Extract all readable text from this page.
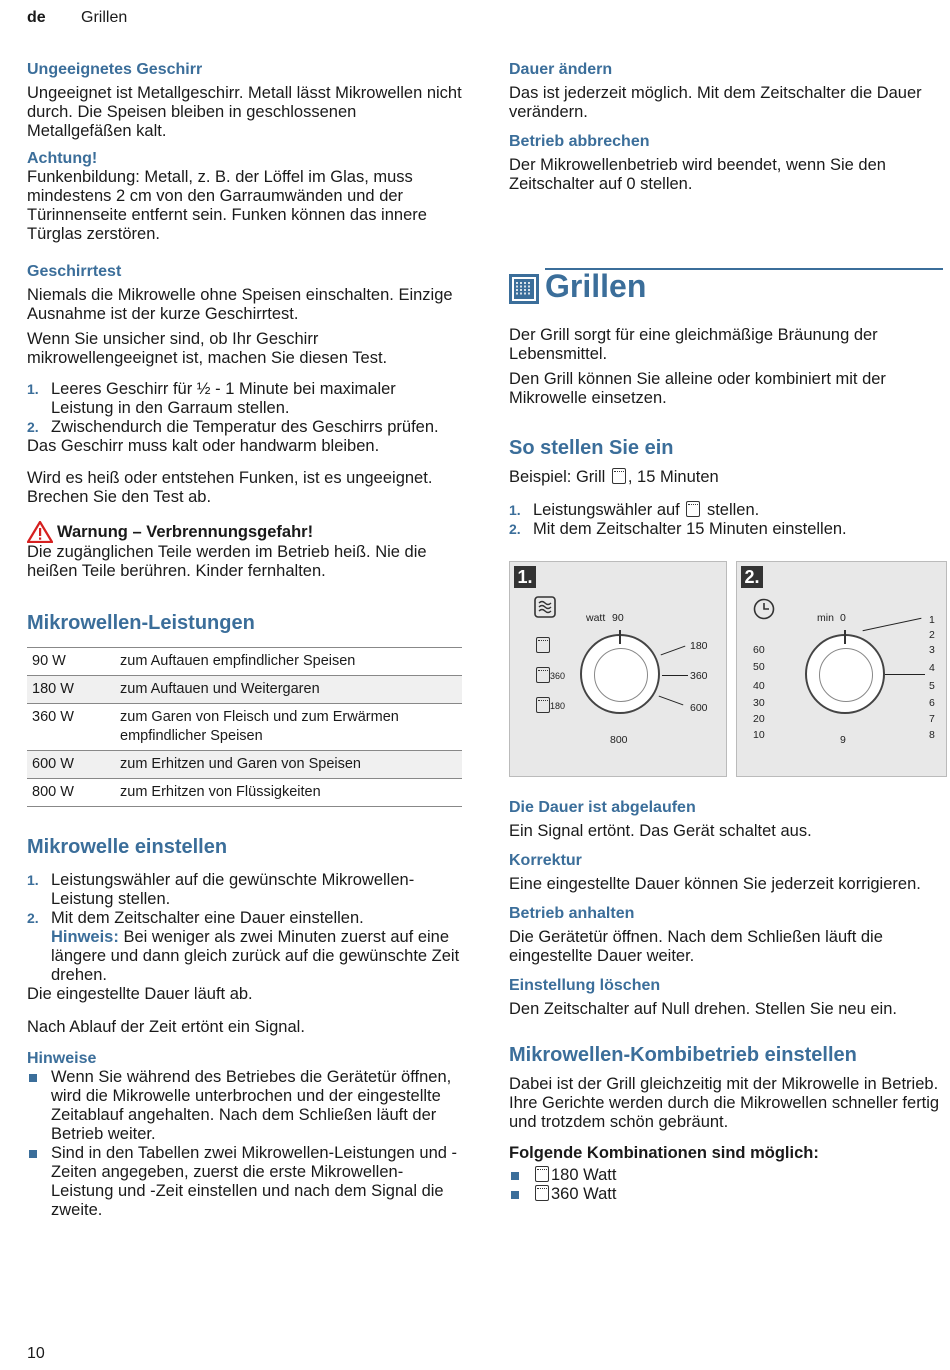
de Grillen
Ungeeignetes Geschirr

Ungeeignet ist Metallgeschirr. Metall lässt Mikrowellen nicht durch. Die Speisen bleiben in geschlossenen Metallgefäßen kalt.

Achtung!

Funkenbildung: Metall, z. B. der Löffel im Glas, muss mindestens 2 cm von den Garraumwänden und der Türinnenseite entfernt sein. Funken können das innere Türglas zerstören.

Geschirrtest

Niemals die Mikrowelle ohne Speisen einschalten. Einzige Ausnahme ist der kurze Geschirrtest.

Wenn Sie unsicher sind, ob Ihr Geschirr mikrowellengeeignet ist, machen Sie diesen Test.

1. Leeres Geschirr für ½ - 1 Minute bei maximaler Leistung in den Garraum stellen.
2. Zwischendurch die Temperatur des Geschirrs prüfen.

Das Geschirr muss kalt oder handwarm bleiben.

Wird es heiß oder entstehen Funken, ist es ungeeignet. Brechen Sie den Test ab.

Warnung – Verbrennungsgefahr!

Die zugänglichen Teile werden im Betrieb heiß. Nie die heißen Teile berühren. Kinder fernhalten.

Mikrowellen-Leistungen
90 W	zum Auftauen empfindlicher Speisen
180 W	zum Auftauen und Weitergaren
360 W	zum Garen von Fleisch und zum Erwärmen empfindlicher Speisen
600 W	zum Erhitzen und Garen von Speisen
800 W	zum Erhitzen von Flüssigkeiten
Mikrowelle einstellen
1. Leistungswähler auf die gewünschte Mikrowellen-Leistung stellen.
2. Mit dem Zeitschalter eine Dauer einstellen.
Hinweis: Bei weniger als zwei Minuten zuerst auf eine längere und dann gleich zurück auf die gewünschte Zeit drehen.

Die eingestellte Dauer läuft ab.

Nach Ablauf der Zeit ertönt ein Signal.

Hinweise
Wenn Sie während des Betriebes die Gerätetür öffnen, wird die Mikrowelle unterbrochen und der eingestellte Zeitablauf angehalten. Nach dem Schließen läuft der Betrieb weiter.
Sind in den Tabellen zwei Mikrowellen-Leistungen und -Zeiten angegeben, zuerst die erste Mikrowellen-Leistung und -Zeit einstellen und nach dem Signal die zweite.
Dauer ändern

Das ist jederzeit möglich. Mit dem Zeitschalter die Dauer verändern.

Betrieb abbrechen

Der Mikrowellenbetrieb wird beendet, wenn Sie den Zeitschalter auf 0 stellen.

Grillen

Der Grill sorgt für eine gleichmäßige Bräunung der Lebensmittel.

Den Grill können Sie alleine oder kombiniert mit der Mikrowelle einsetzen.

So stellen Sie ein

Beispiel: Grill , 15 Minuten

1. Leistungswähler auf stellen.
2. Mit dem Zeitschalter 15 Minuten einstellen.
1.
watt 90
360
180
180
360
600
800
2.
min 0
60
50
40
30
20
10
1
2
3
4
5
6
7
8
9
Die Dauer ist abgelaufen

Ein Signal ertönt. Das Gerät schaltet aus.

Korrektur

Eine eingestellte Dauer können Sie jederzeit korrigieren.

Betrieb anhalten

Die Gerätetür öffnen. Nach dem Schließen läuft die eingestellte Dauer weiter.

Einstellung löschen

Den Zeitschalter auf Null drehen. Stellen Sie neu ein.

Mikrowellen-Kombibetrieb einstellen

Dabei ist der Grill gleichzeitig mit der Mikrowelle in Betrieb. Ihre Gerichte werden durch die Mikrowellen schneller fertig und trotzdem schön gebräunt.

Folgende Kombinationen sind möglich:
180 Watt
360 Watt
10
